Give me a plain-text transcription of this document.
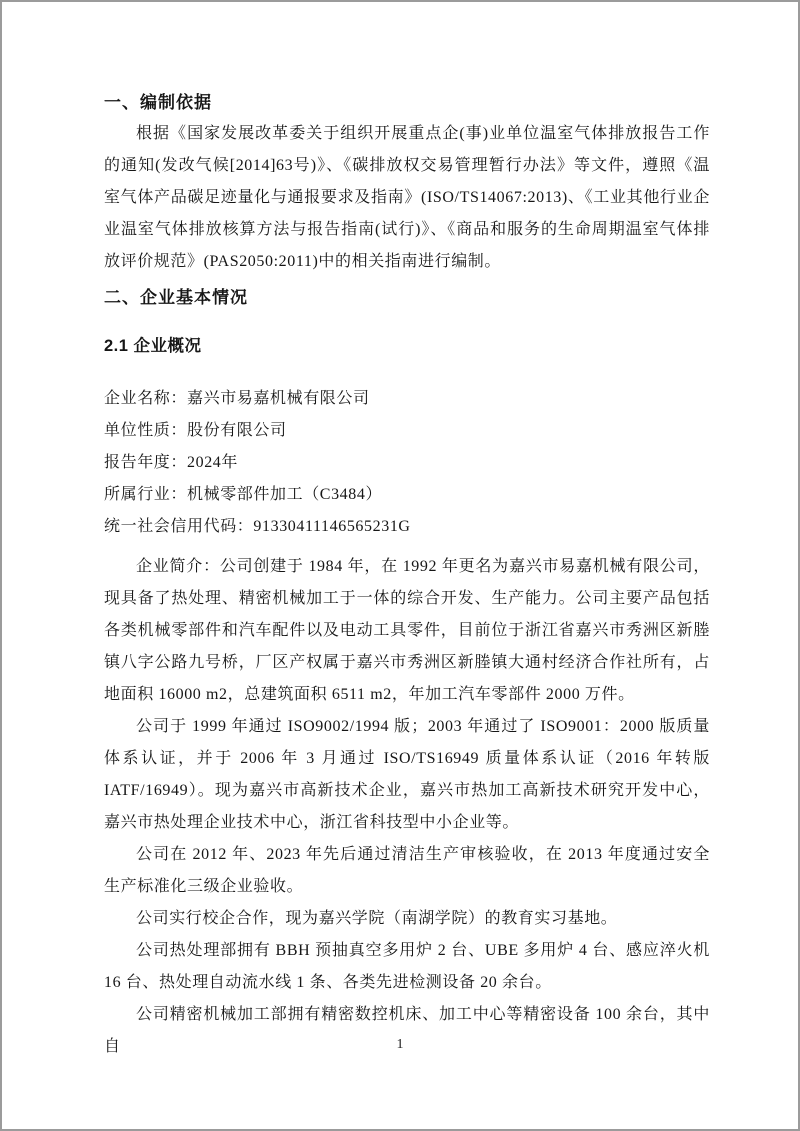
一、编制依据

根据《国家发展改革委关于组织开展重点企(事)业单位温室气体排放报告工作的通知(发改气候[2014]63号)》、《碳排放权交易管理暂行办法》等文件，遵照《温室气体产品碳足迹量化与通报要求及指南》(ISO/TS14067:2013)、《工业其他行业企业温室气体排放核算方法与报告指南(试行)》、《商品和服务的生命周期温室气体排放评价规范》(PAS2050:2011)中的相关指南进行编制。

二、企业基本情况
2.1 企业概况

企业名称：嘉兴市易嘉机械有限公司

单位性质：股份有限公司

报告年度：2024年

所属行业：机械零部件加工（C3484）

统一社会信用代码：91330411146565231G

企业简介：公司创建于 1984 年，在 1992 年更名为嘉兴市易嘉机械有限公司，现具备了热处理、精密机械加工于一体的综合开发、生产能力。公司主要产品包括各类机械零部件和汽车配件以及电动工具零件，目前位于浙江省嘉兴市秀洲区新塍镇八字公路九号桥，厂区产权属于嘉兴市秀洲区新塍镇大通村经济合作社所有，占地面积 16000 m2，总建筑面积 6511 m2，年加工汽车零部件 2000 万件。

公司于 1999 年通过 ISO9002/1994 版；2003 年通过了 ISO9001：2000 版质量体系认证，并于 2006 年 3 月通过 ISO/TS16949 质量体系认证（2016 年转版 IATF/16949）。现为嘉兴市高新技术企业，嘉兴市热加工高新技术研究开发中心，嘉兴市热处理企业技术中心，浙江省科技型中小企业等。

公司在 2012 年、2023 年先后通过清洁生产审核验收，在 2013 年度通过安全生产标准化三级企业验收。

公司实行校企合作，现为嘉兴学院（南湖学院）的教育实习基地。

公司热处理部拥有 BBH 预抽真空多用炉 2 台、UBE 多用炉 4 台、感应淬火机 16 台、热处理自动流水线 1 条、各类先进检测设备 20 余台。

公司精密机械加工部拥有精密数控机床、加工中心等精密设备 100 余台，其中自	1
